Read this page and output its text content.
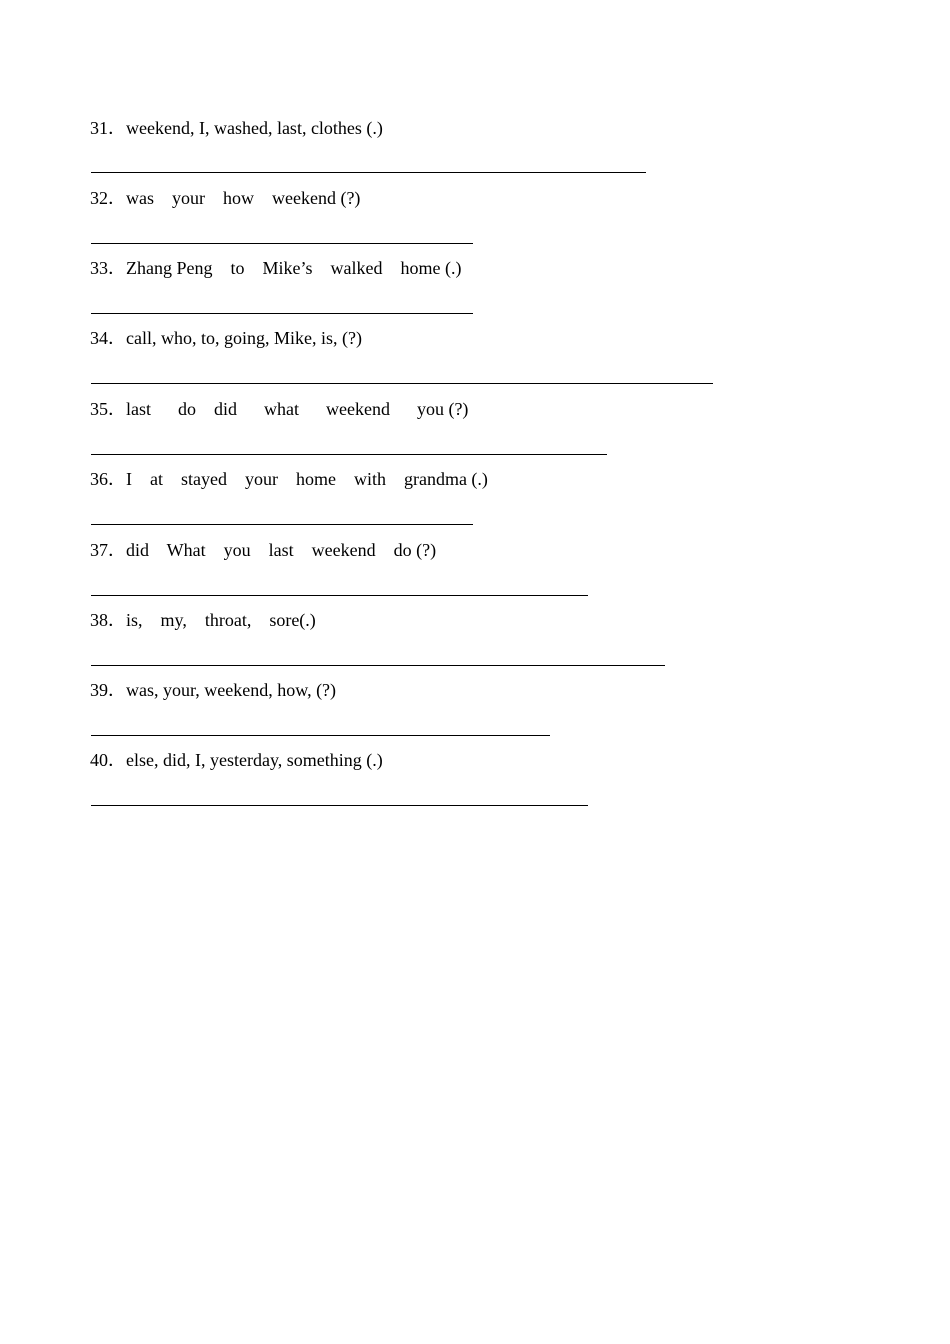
31．weekend, I, washed, last, clothes (.)
32．was    your    how    weekend (?)
33．Zhang Peng    to    Mike’s    walked    home (.)
34．call, who, to, going, Mike, is, (?)
35．last      do    did      what      weekend      you (?)
36．I    at    stayed    your    home    with    grandma (.)
37．did    What    you    last    weekend    do (?)
38．is,    my,    throat,    sore(.)
39．was, your, weekend, how, (?)
40．else, did, I, yesterday, something (.)
